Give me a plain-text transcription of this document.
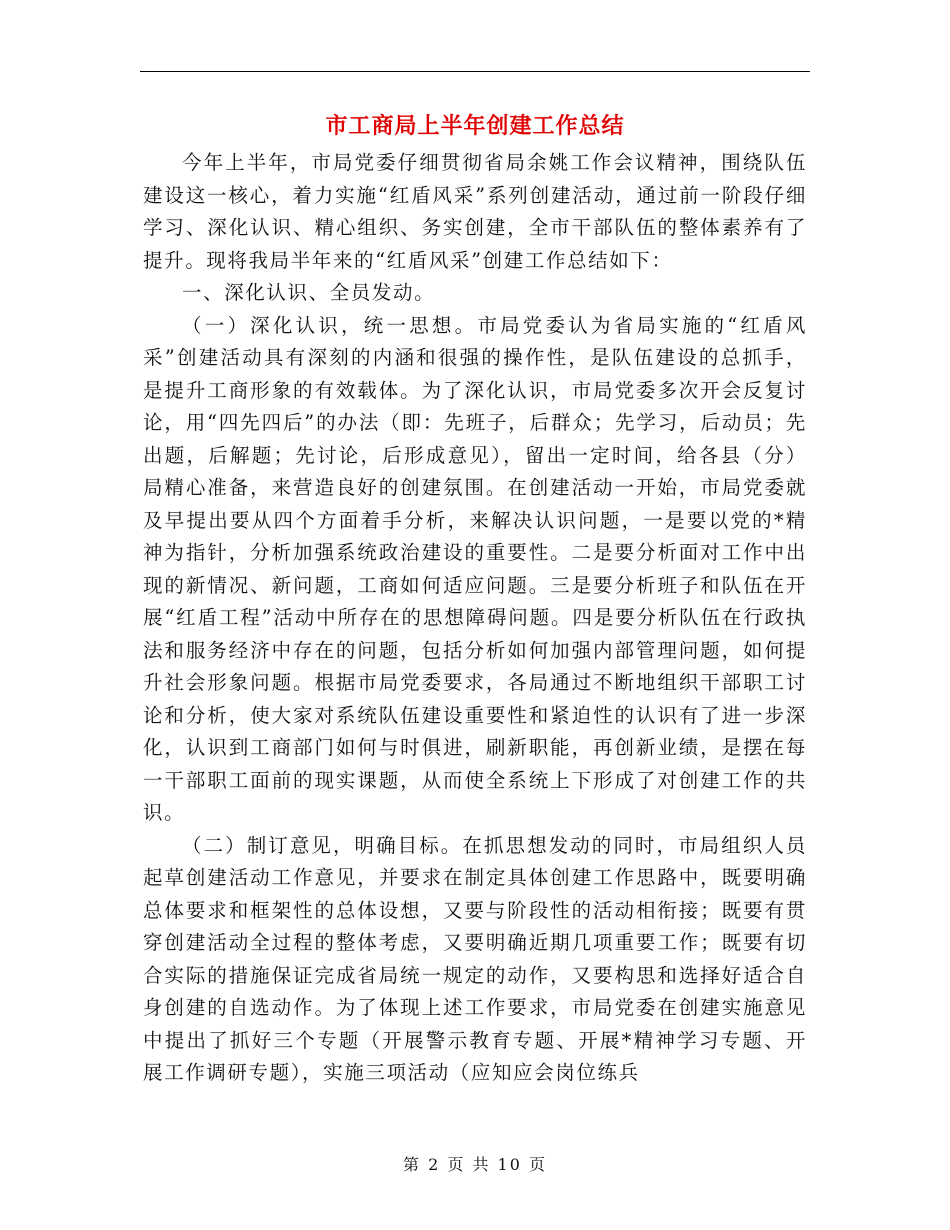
市工商局上半年创建工作总结

今年上半年，市局党委仔细贯彻省局余姚工作会议精神，围绕队伍建设这一核心，着力实施“红盾风采”系列创建活动，通过前一阶段仔细学习、深化认识、精心组织、务实创建，全市干部队伍的整体素养有了提升。现将我局半年来的“红盾风采”创建工作总结如下：

一、深化认识、全员发动。

（一）深化认识，统一思想。市局党委认为省局实施的“红盾风采”创建活动具有深刻的内涵和很强的操作性，是队伍建设的总抓手，是提升工商形象的有效载体。为了深化认识，市局党委多次开会反复讨论，用“四先四后”的办法（即：先班子，后群众；先学习，后动员；先出题，后解题；先讨论，后形成意见），留出一定时间，给各县（分）局精心准备，来营造良好的创建氛围。在创建活动一开始，市局党委就及早提出要从四个方面着手分析，来解决认识问题，一是要以党的*精神为指针，分析加强系统政治建设的重要性。二是要分析面对工作中出现的新情况、新问题，工商如何适应问题。三是要分析班子和队伍在开展“红盾工程”活动中所存在的思想障碍问题。四是要分析队伍在行政执法和服务经济中存在的问题，包括分析如何加强内部管理问题，如何提升社会形象问题。根据市局党委要求，各局通过不断地组织干部职工讨论和分析，使大家对系统队伍建设重要性和紧迫性的认识有了进一步深化，认识到工商部门如何与时俱进，刷新职能，再创新业绩，是摆在每一干部职工面前的现实课题，从而使全系统上下形成了对创建工作的共识。

（二）制订意见，明确目标。在抓思想发动的同时，市局组织人员起草创建活动工作意见，并要求在制定具体创建工作思路中，既要明确总体要求和框架性的总体设想，又要与阶段性的活动相衔接；既要有贯穿创建活动全过程的整体考虑，又要明确近期几项重要工作；既要有切合实际的措施保证完成省局统一规定的动作，又要构思和选择好适合自身创建的自选动作。为了体现上述工作要求，市局党委在创建实施意见中提出了抓好三个专题（开展警示教育专题、开展*精神学习专题、开展工作调研专题），实施三项活动（应知应会岗位练兵

第 2 页 共 10 页
